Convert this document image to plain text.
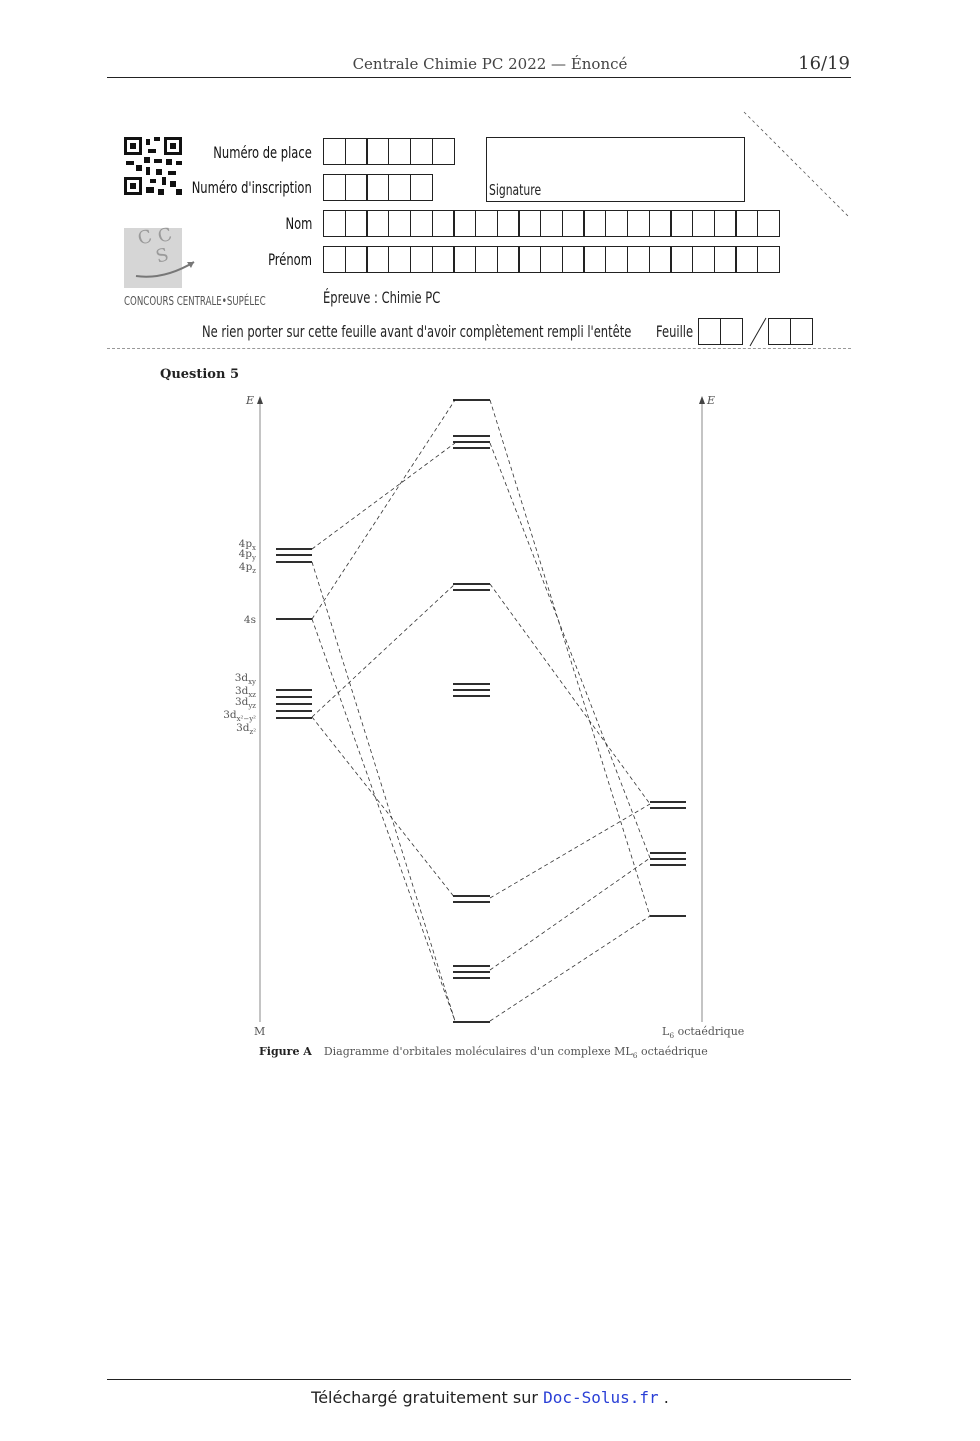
Centrale Chimie PC 2022 — Énoncé	16/19
C C
S
CONCOURS CENTRALE•SUPÉLEC
Numéro de place
Numéro d'inscription
Nom
Prénom
Signature
Épreuve : Chimie PC
Ne rien porter sur cette feuille avant d'avoir complètement rempli l'entête Feuille
Question 5
E	E
$4p_x$
$4p_y$
$4p_z$
4s
$3d_{xy}$
$3d_{xz}$
$3d_{yz}$
$3d_{x^2-y^2}$
$3d_{z^2}$
M	$L_6$ octaédrique
Figure A Diagramme d'orbitales moléculaires d'un complexe $ML_6$ octaédrique
Téléchargé gratuitement sur Doc-Solus.fr .
